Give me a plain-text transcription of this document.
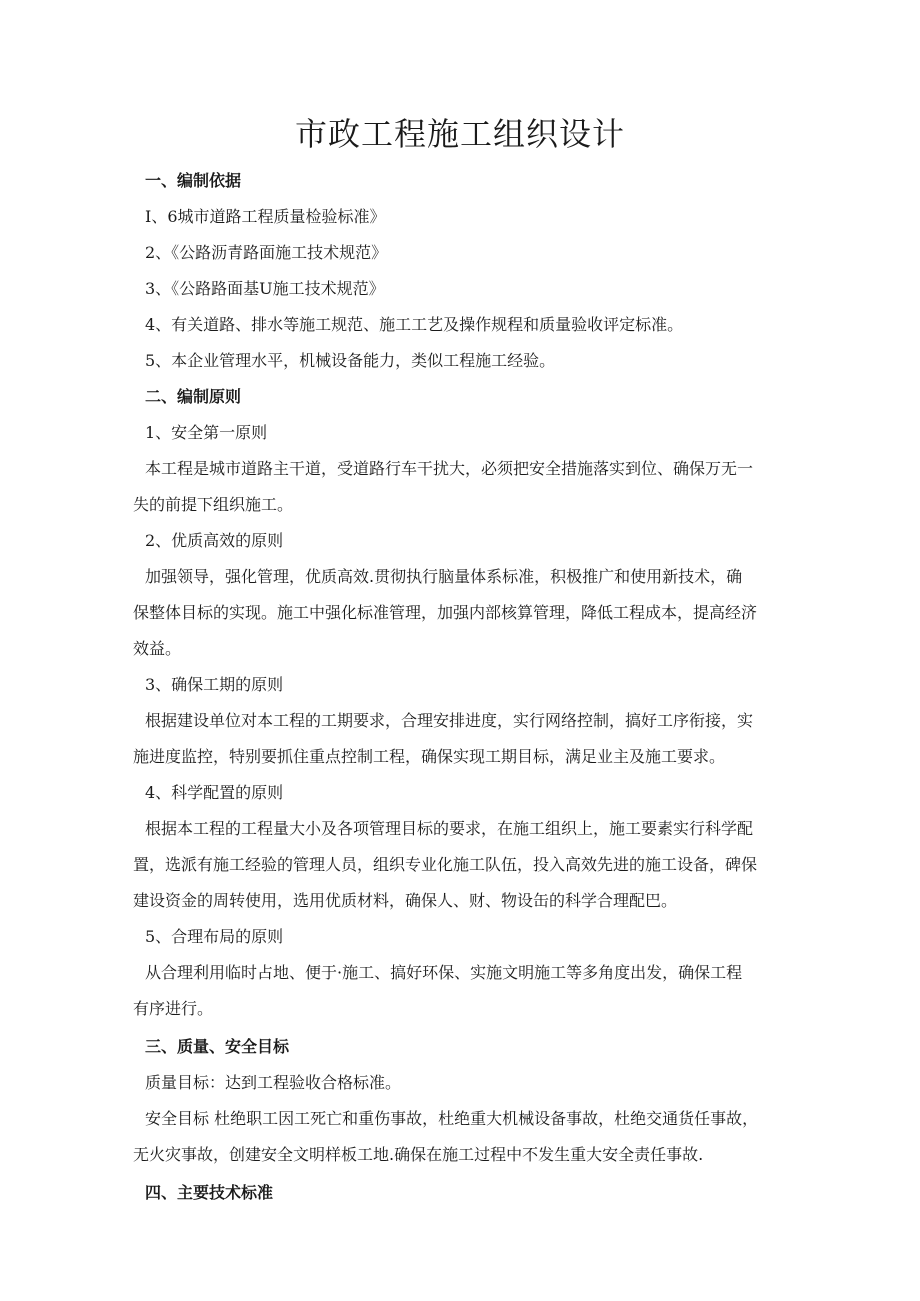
市政工程施工组织设计

一、编制依据

I、6城市道路工程质量检验标准》

2、《公路沥青路面施工技术规范》

3、《公路路面基U施工技术规范》

4、有关道路、排水等施工规范、施工工艺及操作规程和质量验收评定标准。

5、本企业管理水平，机械设备能力，类似工程施工经验。

二、编制原则

1、安全第一原则

本工程是城市道路主干道，受道路行车干扰大，必须把安全措施落实到位、确保万无一

失的前提下组织施工。

2、优质高效的原则

加强领导，强化管理，优质高效.贯彻执行脑量体系标准，积极推广和使用新技术，确

保整体目标的实现。施工中强化标准管理，加强内部核算管理，降低工程成本，提高经济

效益。

3、确保工期的原则

根据建设单位对本工程的工期要求，合理安排进度，实行网络控制，搞好工序衔接，实

施进度监控，特别要抓住重点控制工程，确保实现工期目标，满足业主及施工要求。

4、科学配置的原则

根据本工程的工程量大小及各项管理目标的要求，在施工组织上，施工要素实行科学配

置，选派有施工经验的管理人员，组织专业化施工队伍，投入高效先进的施工设备，碑保

建设资金的周转使用，选用优质材料，确保人、财、物设缶的科学合理配巴。

5、合理布局的原则

从合理利用临时占地、便于·施工、搞好环保、实施文明施工等多角度出发，确保工程

有序进行。

三、质量、安全目标

质量目标：达到工程验收合格标准。

安全目标 杜绝职工因工死亡和重伤事故，杜绝重大机械设备事故，杜绝交通货任事故，

无火灾事故，创建安全文明样板工地.确保在施工过程中不发生重大安全责任事故.

四、主要技术标准
